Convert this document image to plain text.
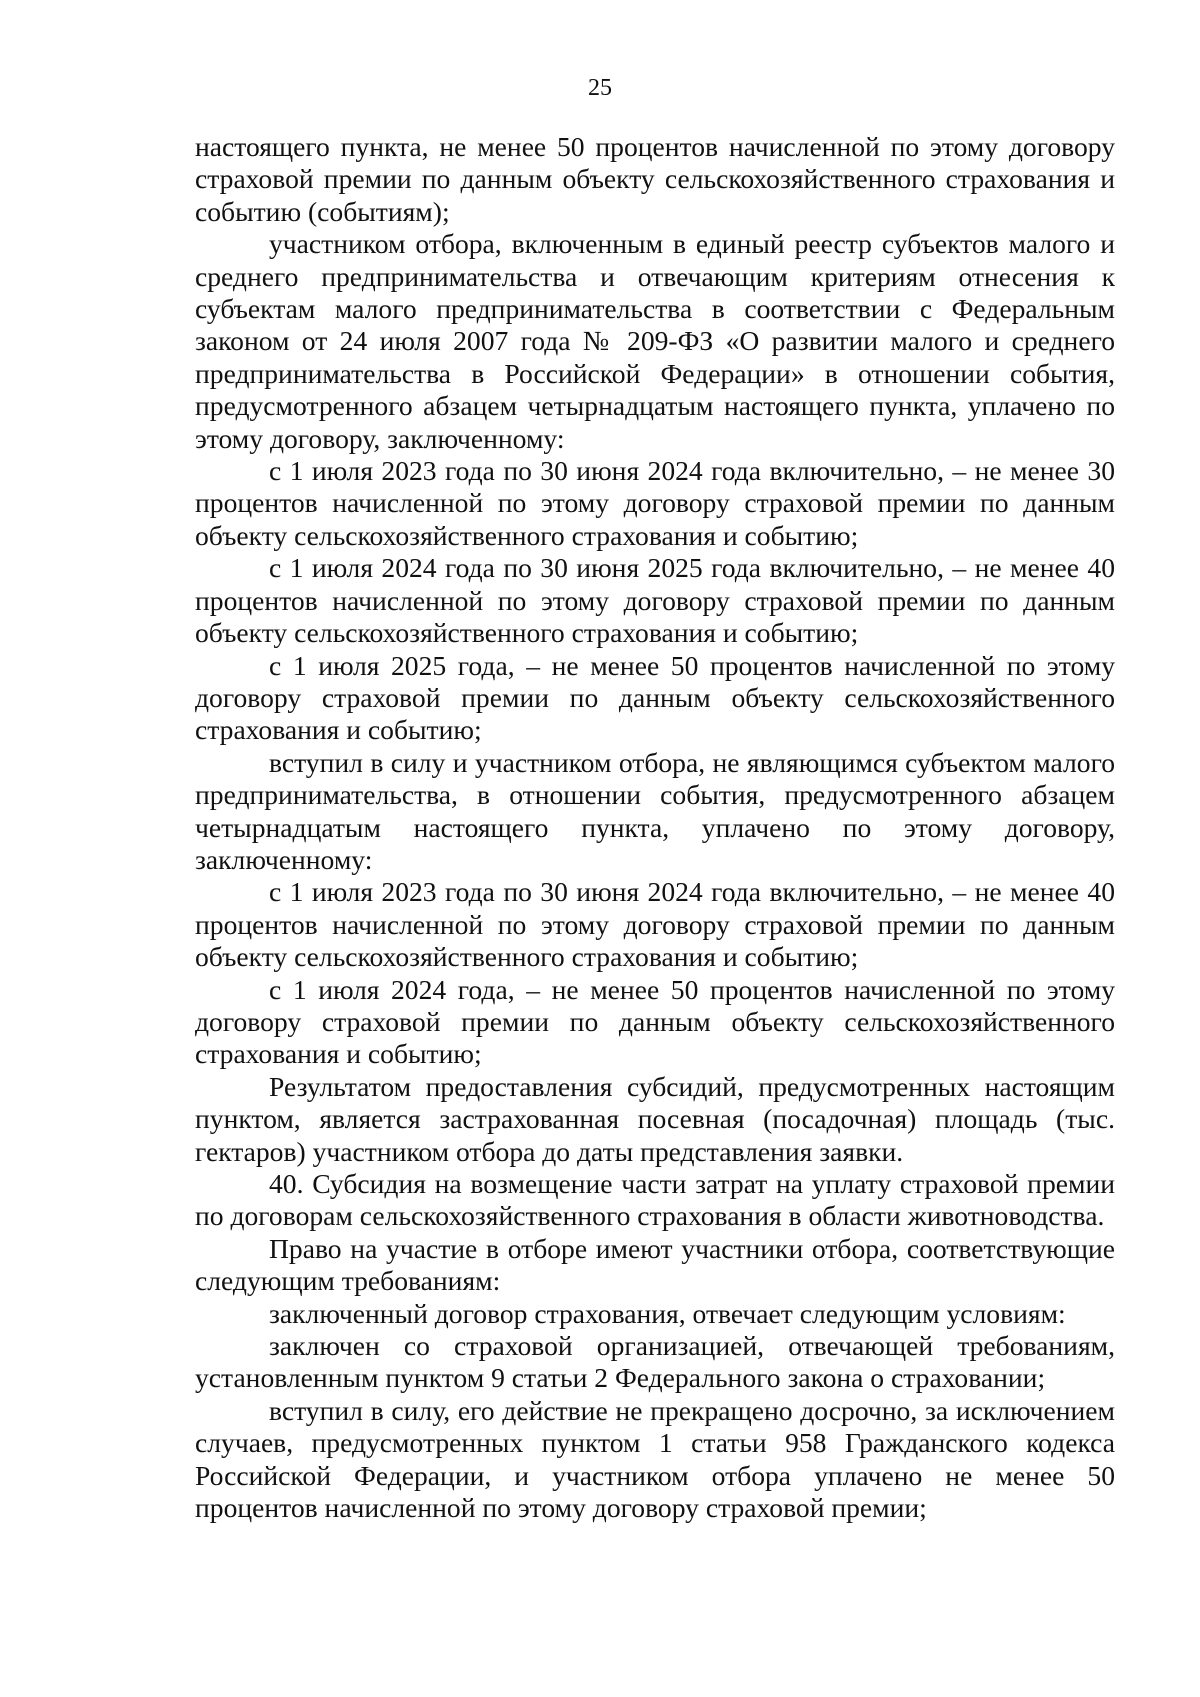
25

настоящего пункта, не менее 50 процентов начисленной по этому договору страховой премии по данным объекту сельскохозяйственного страхования и событию (событиям);

участником отбора, включенным в единый реестр субъектов малого и среднего предпринимательства и отвечающим критериям отнесения к субъектам малого предпринимательства в соответствии с Федеральным законом от 24 июля 2007 года № 209-ФЗ «О развитии малого и среднего предпринимательства в Российской Федерации» в отношении события, предусмотренного абзацем четырнадцатым настоящего пункта, уплачено по этому договору, заключенному:

с 1 июля 2023 года по 30 июня 2024 года включительно, – не менее 30 процентов начисленной по этому договору страховой премии по данным объекту сельскохозяйственного страхования и событию;

с 1 июля 2024 года по 30 июня 2025 года включительно, – не менее 40 процентов начисленной по этому договору страховой премии по данным объекту сельскохозяйственного страхования и событию;

с 1 июля 2025 года, – не менее 50 процентов начисленной по этому договору страховой премии по данным объекту сельскохозяйственного страхования и событию;

вступил в силу и участником отбора, не являющимся субъектом малого предпринимательства, в отношении события, предусмотренного абзацем четырнадцатым настоящего пункта, уплачено по этому договору, заключенному:

с 1 июля 2023 года по 30 июня 2024 года включительно, – не менее 40 процентов начисленной по этому договору страховой премии по данным объекту сельскохозяйственного страхования и событию;

с 1 июля 2024 года, – не менее 50 процентов начисленной по этому договору страховой премии по данным объекту сельскохозяйственного страхования и событию;

Результатом предоставления субсидий, предусмотренных настоящим пунктом, является застрахованная посевная (посадочная) площадь (тыс. гектаров) участником отбора до даты представления заявки.

40. Субсидия на возмещение части затрат на уплату страховой премии по договорам сельскохозяйственного страхования в области животноводства.

Право на участие в отборе имеют участники отбора, соответствующие следующим требованиям:

заключенный договор страхования, отвечает следующим условиям:

заключен со страховой организацией, отвечающей требованиям, установленным пунктом 9 статьи 2 Федерального закона о страховании;

вступил в силу, его действие не прекращено досрочно, за исключением случаев, предусмотренных пунктом 1 статьи 958 Гражданского кодекса Российской Федерации, и участником отбора уплачено не менее 50 процентов начисленной по этому договору страховой премии;
